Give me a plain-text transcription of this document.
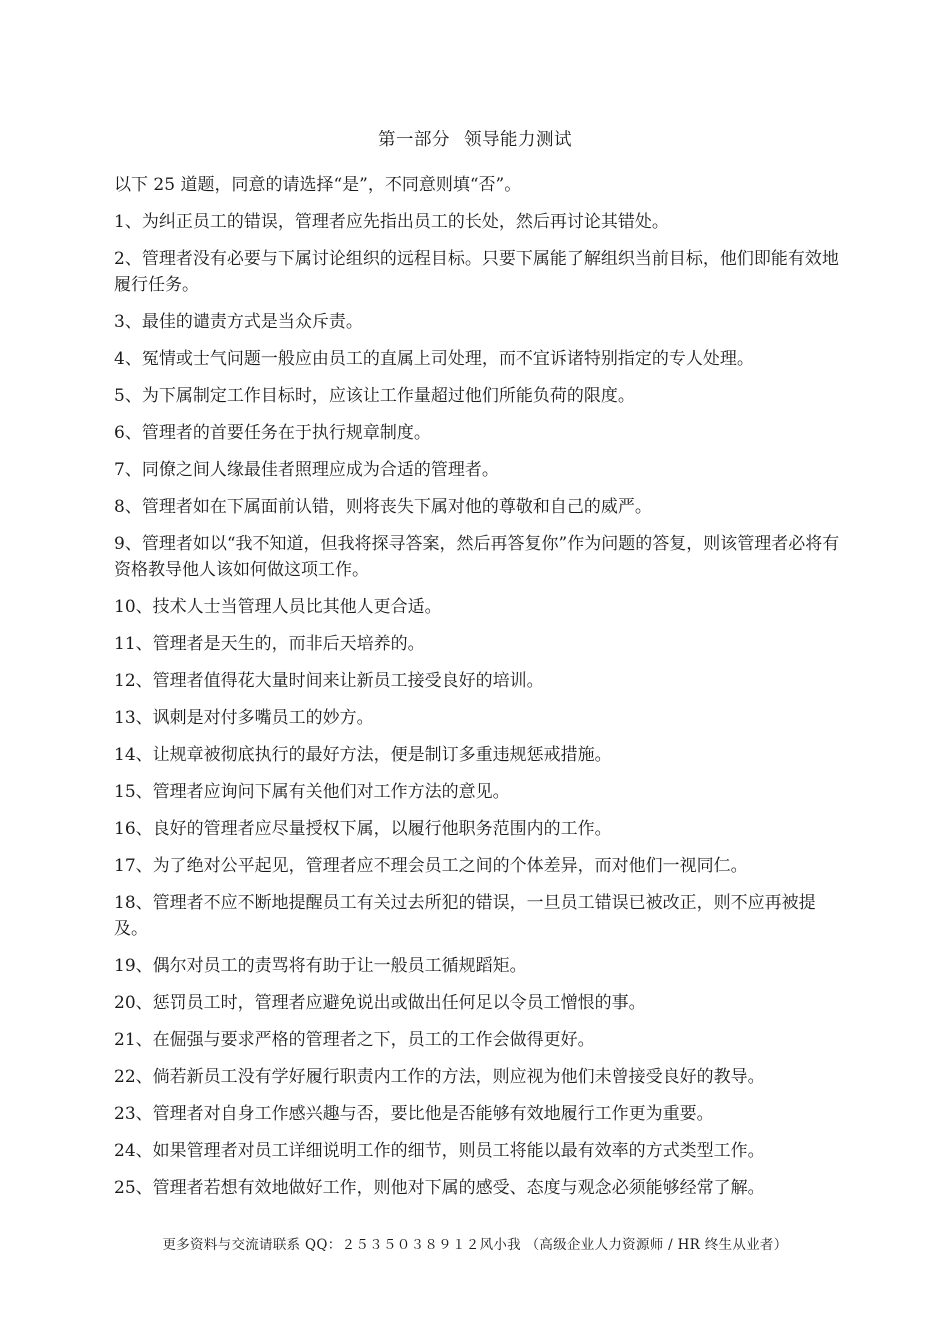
第一部分 领导能力测试

以下 25 道题，同意的请选择“是”，不同意则填“否”。

1、为纠正员工的错误，管理者应先指出员工的长处，然后再讨论其错处。

2、管理者没有必要与下属讨论组织的远程目标。只要下属能了解组织当前目标，他们即能有效地履行任务。

3、最佳的谴责方式是当众斥责。

4、冤情或士气问题一般应由员工的直属上司处理，而不宜诉诸特别指定的专人处理。

5、为下属制定工作目标时，应该让工作量超过他们所能负荷的限度。

6、管理者的首要任务在于执行规章制度。

7、同僚之间人缘最佳者照理应成为合适的管理者。

8、管理者如在下属面前认错，则将丧失下属对他的尊敬和自己的威严。

9、管理者如以“我不知道，但我将探寻答案，然后再答复你”作为问题的答复，则该管理者必将有资格教导他人该如何做这项工作。

10、技术人士当管理人员比其他人更合适。

11、管理者是天生的，而非后天培养的。

12、管理者值得花大量时间来让新员工接受良好的培训。

13、讽刺是对付多嘴员工的妙方。

14、让规章被彻底执行的最好方法，便是制订多重违规惩戒措施。

15、管理者应询问下属有关他们对工作方法的意见。

16、良好的管理者应尽量授权下属，以履行他职务范围内的工作。

17、为了绝对公平起见，管理者应不理会员工之间的个体差异，而对他们一视同仁。

18、管理者不应不断地提醒员工有关过去所犯的错误，一旦员工错误已被改正，则不应再被提及。

19、偶尔对员工的责骂将有助于让一般员工循规蹈矩。

20、惩罚员工时，管理者应避免说出或做出任何足以令员工憎恨的事。

21、在倔强与要求严格的管理者之下，员工的工作会做得更好。

22、倘若新员工没有学好履行职责内工作的方法，则应视为他们未曾接受良好的教导。

23、管理者对自身工作感兴趣与否，要比他是否能够有效地履行工作更为重要。

24、如果管理者对员工详细说明工作的细节，则员工将能以最有效率的方式类型工作。

25、管理者若想有效地做好工作，则他对下属的感受、态度与观念必须能够经常了解。

更多资料与交流请联系 QQ：２５３５０３８９１２风小我 （高级企业人力资源师 / HR 终生从业者）
